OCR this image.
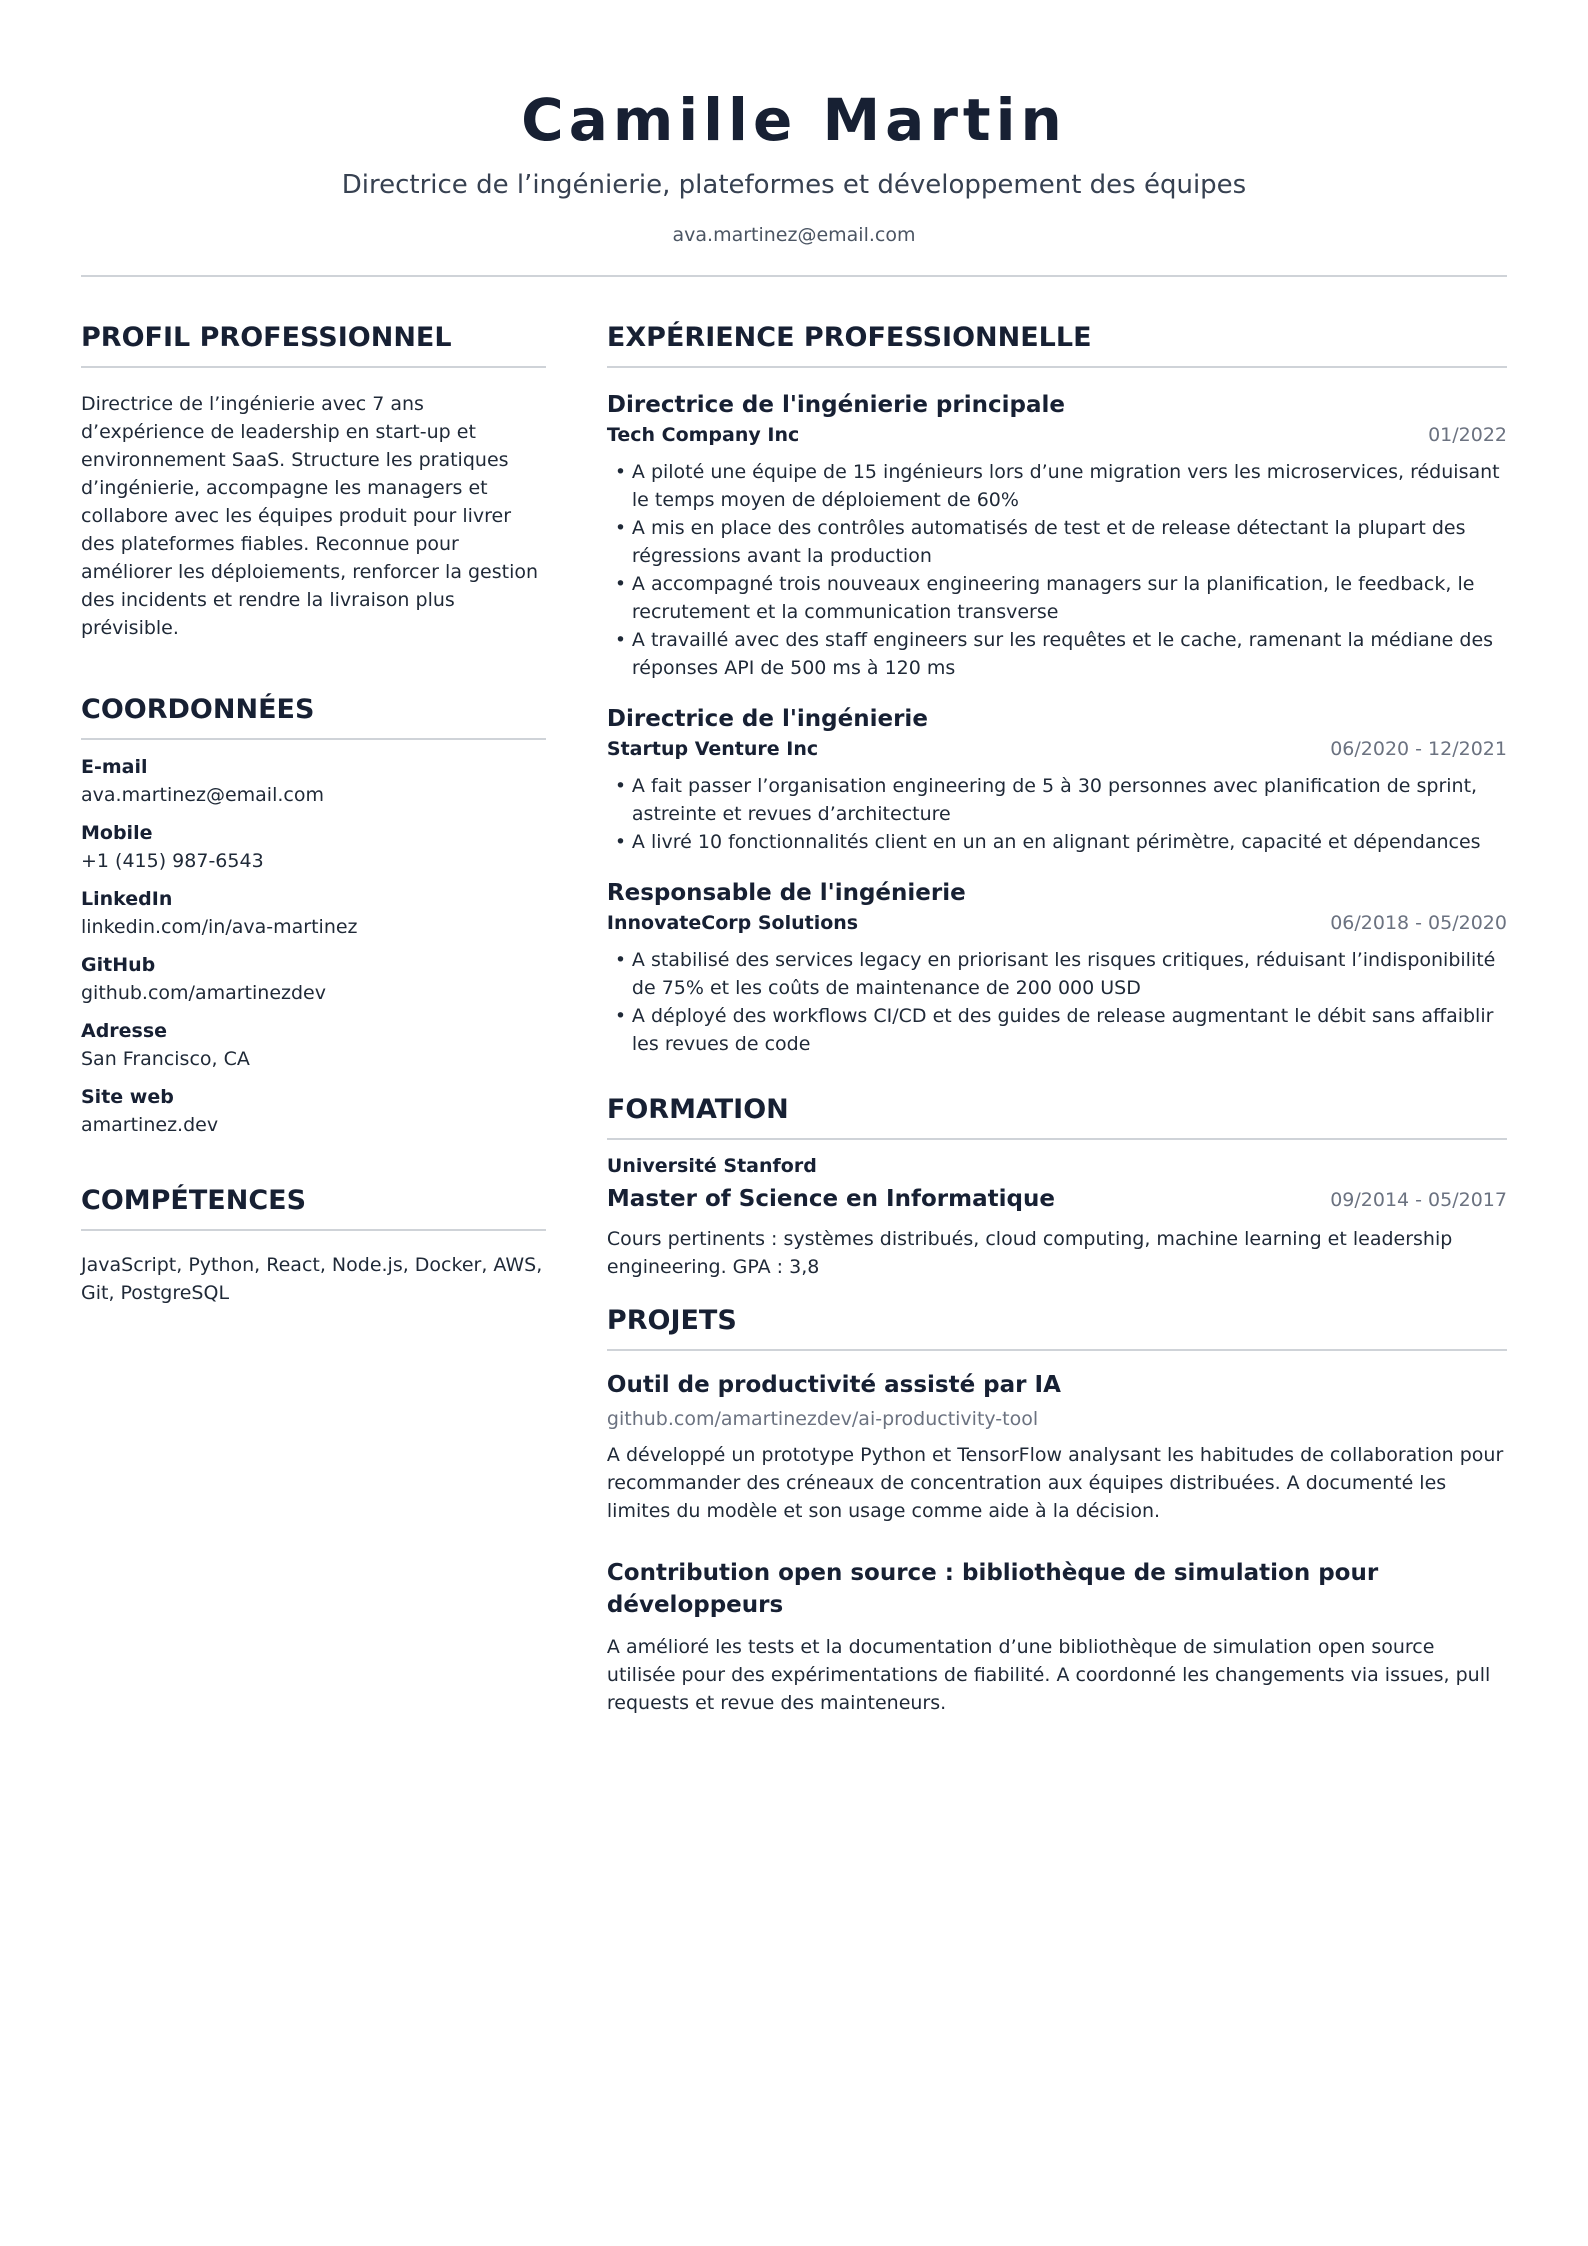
Camille Martin
Directrice de l’ingénierie, plateformes et développement des équipes
ava.martinez@email.com
PROFIL PROFESSIONNEL
Directrice de l’ingénierie avec 7 ans d’expérience de leadership en start-up et environnement SaaS. Structure les pratiques d’ingénierie, accompagne les managers et collabore avec les équipes produit pour livrer des plateformes fiables. Reconnue pour améliorer les déploiements, renforcer la gestion des incidents et rendre la livraison plus prévisible.
COORDONNÉES
E-mail
ava.martinez@email.com
Mobile
+1 (415) 987-6543
LinkedIn
linkedin.com/in/ava-martinez
GitHub
github.com/amartinezdev
Adresse
San Francisco, CA
Site web
amartinez.dev
COMPÉTENCES
JavaScript, Python, React, Node.js, Docker, AWS, Git, PostgreSQL
EXPÉRIENCE PROFESSIONNELLE
Directrice de l'ingénierie principale
Tech Company Inc	01/2022
• A piloté une équipe de 15 ingénieurs lors d’une migration vers les microservices, réduisant le temps moyen de déploiement de 60%
• A mis en place des contrôles automatisés de test et de release détectant la plupart des régressions avant la production
• A accompagné trois nouveaux engineering managers sur la planification, le feedback, le recrutement et la communication transverse
• A travaillé avec des staff engineers sur les requêtes et le cache, ramenant la médiane des réponses API de 500 ms à 120 ms
Directrice de l'ingénierie
Startup Venture Inc	06/2020 - 12/2021
• A fait passer l’organisation engineering de 5 à 30 personnes avec planification de sprint, astreinte et revues d’architecture
• A livré 10 fonctionnalités client en un an en alignant périmètre, capacité et dépendances
Responsable de l'ingénierie
InnovateCorp Solutions	06/2018 - 05/2020
• A stabilisé des services legacy en priorisant les risques critiques, réduisant l’indisponibilité de 75% et les coûts de maintenance de 200 000 USD
• A déployé des workflows CI/CD et des guides de release augmentant le débit sans affaiblir les revues de code
FORMATION
Université Stanford
Master of Science en Informatique	09/2014 - 05/2017
Cours pertinents : systèmes distribués, cloud computing, machine learning et leadership engineering. GPA : 3,8
PROJETS
Outil de productivité assisté par IA
github.com/amartinezdev/ai-productivity-tool
A développé un prototype Python et TensorFlow analysant les habitudes de collaboration pour recommander des créneaux de concentration aux équipes distribuées. A documenté les limites du modèle et son usage comme aide à la décision.
Contribution open source : bibliothèque de simulation pour développeurs
A amélioré les tests et la documentation d’une bibliothèque de simulation open source utilisée pour des expérimentations de fiabilité. A coordonné les changements via issues, pull requests et revue des mainteneurs.
